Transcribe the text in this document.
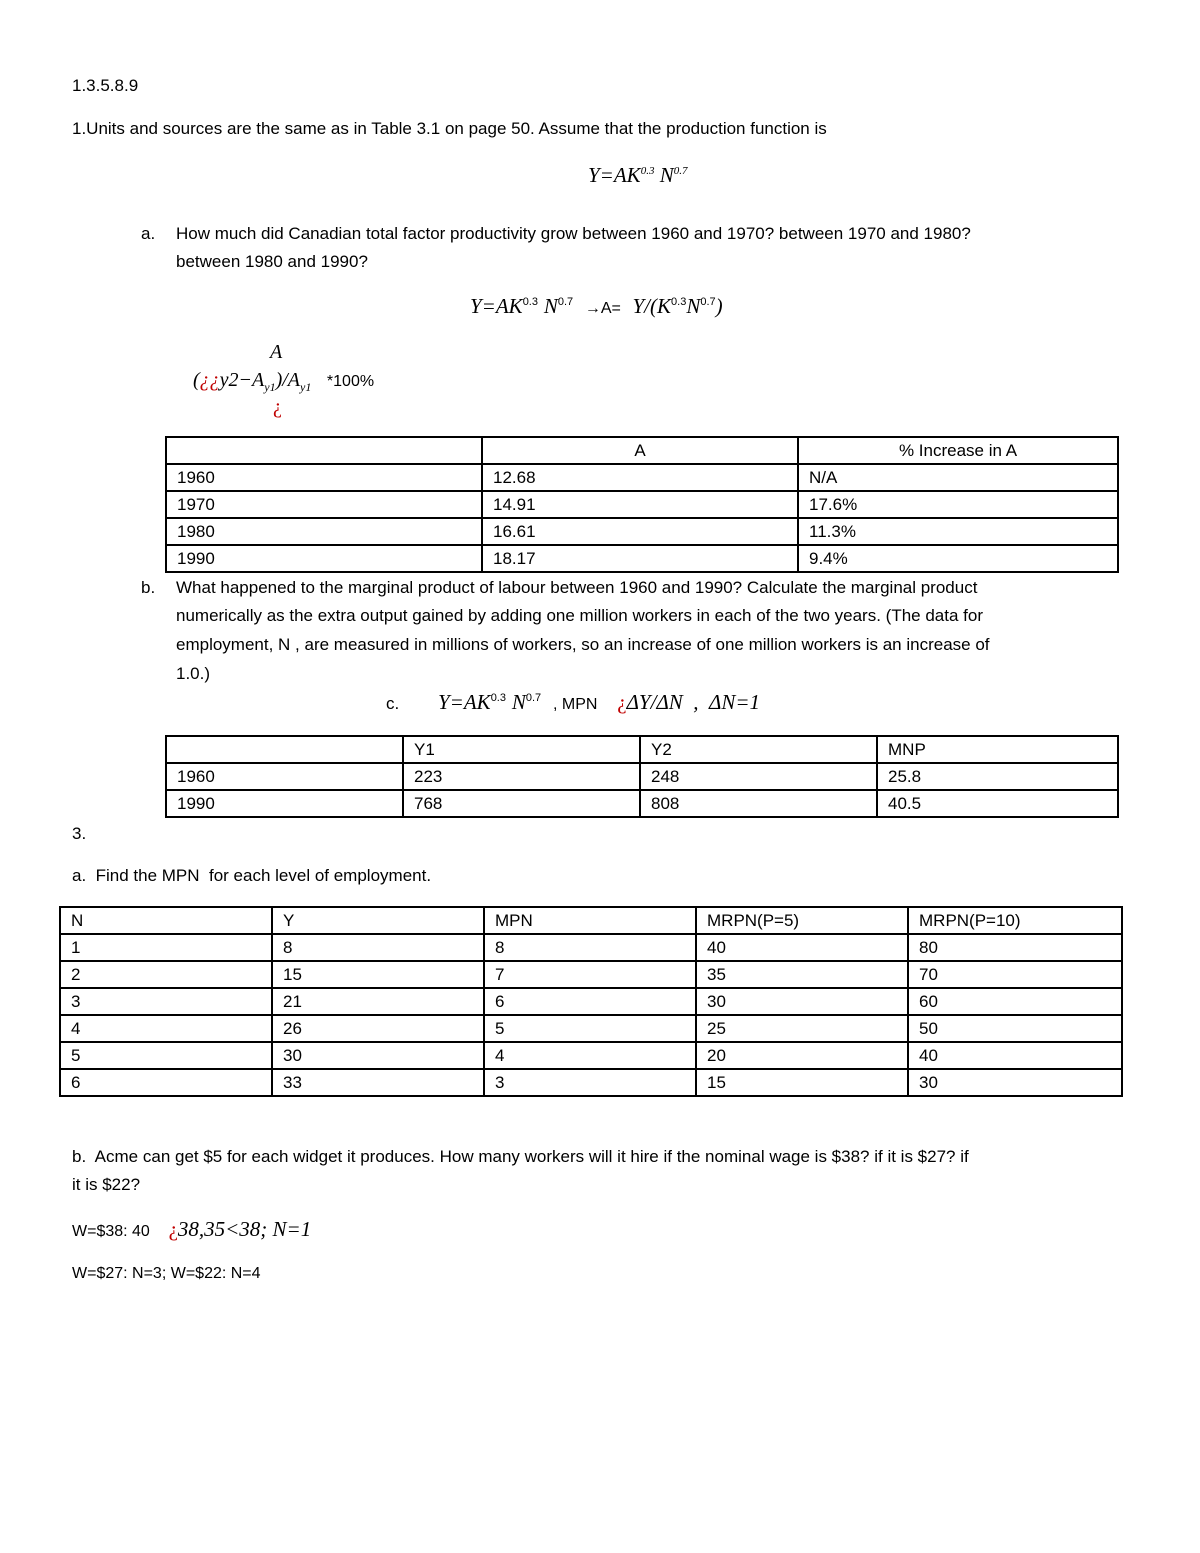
1.3.5.8.9
1.Units and sources are the same as in Table 3.1 on page 50. Assume that the production function is
$Y=AK^{0.3}$ $N^{0.7}$
a. How much did Canadian total factor productivity grow between 1960 and 1970? between 1970 and 1980?
between 1980 and 1990?
$Y=AK^{0.3}$ $N^{0.7} \to A= Y/(K^{0.3}N^{0.7})$
A
$(¿¿y2-A_{y1})/A_{y1}$ *100%
¿
	A	% Increase in A
1960	12.68	N/A
1970	14.91	17.6%
1980	16.61	11.3%
1990	18.17	9.4%
b. What happened to the marginal product of labour between 1960 and 1990? Calculate the marginal product
numerically as the extra output gained by adding one million workers in each of the two years. (The data for
employment, N , are measured in millions of workers, so an increase of one million workers is an increase of
1.0.)
c. $Y=AK^{0.3}$ $N^{0.7}$ , MPN ¿ΔY/ΔN  ,  ΔN=1
	Y1	Y2	MNP
1960	223	248	25.8
1990	768	808	40.5
3.
a.  Find the MPN  for each level of employment.
N	Y	MPN	MRPN(P=5)	MRPN(P=10)
1	8	8	40	80
2	15	7	35	70
3	21	6	30	60
4	26	5	25	50
5	30	4	20	40
6	33	3	15	30
b.  Acme can get $5 for each widget it produces. How many workers will it hire if the nominal wage is $38? if it is $27? if
it is $22?
W=$38: 40 ¿38,35<38; N=1
W=$27: N=3; W=$22: N=4
